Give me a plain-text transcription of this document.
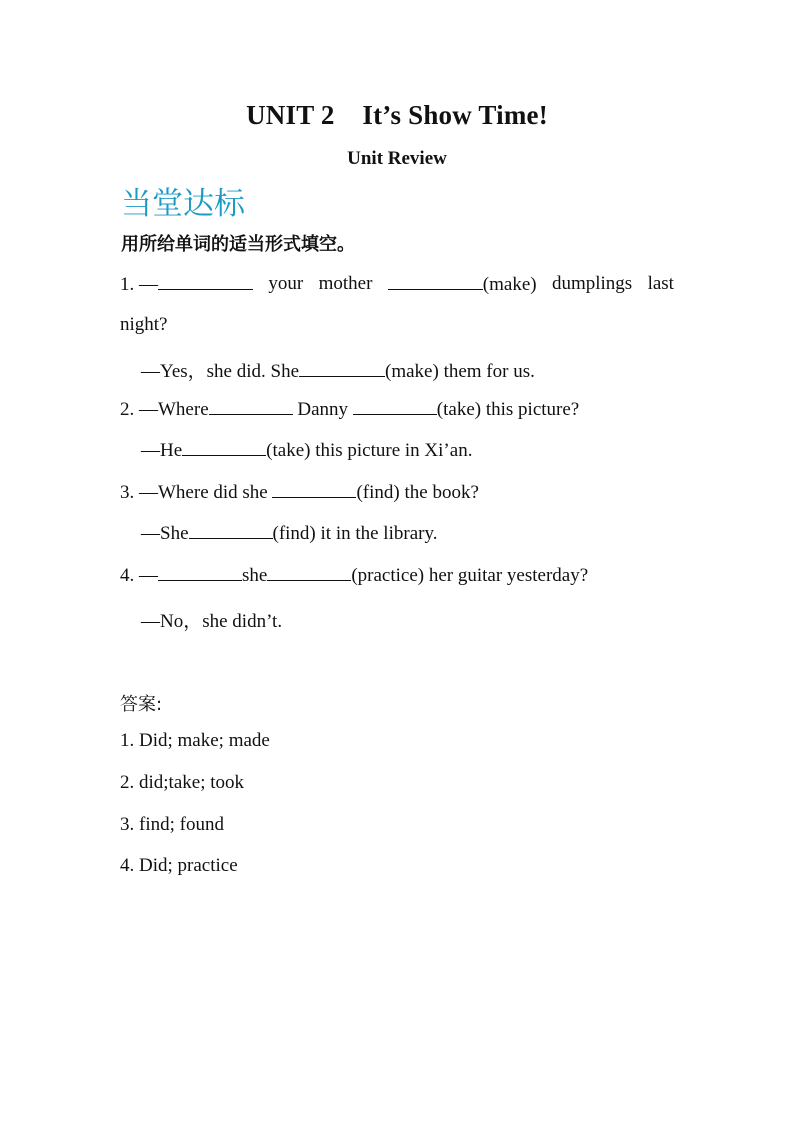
UNIT 2    It’s Show Time!
Unit Review
当堂达标
用所给单词的适当形式填空。
1. —	your mother	(make) dumplings last
night?
—Yes，she did. She	(make) them for us.
2. —Where	Danny	(take) this picture?
—He	(take) this picture in Xi’an.
3. —Where did she	(find) the book?
—She	(find) it in the library.
4. —	she	(practice) her guitar yesterday?
—No，she didn’t.
答案:
1. Did; make; made
2. did;take; took
3. find; found
4. Did; practice
